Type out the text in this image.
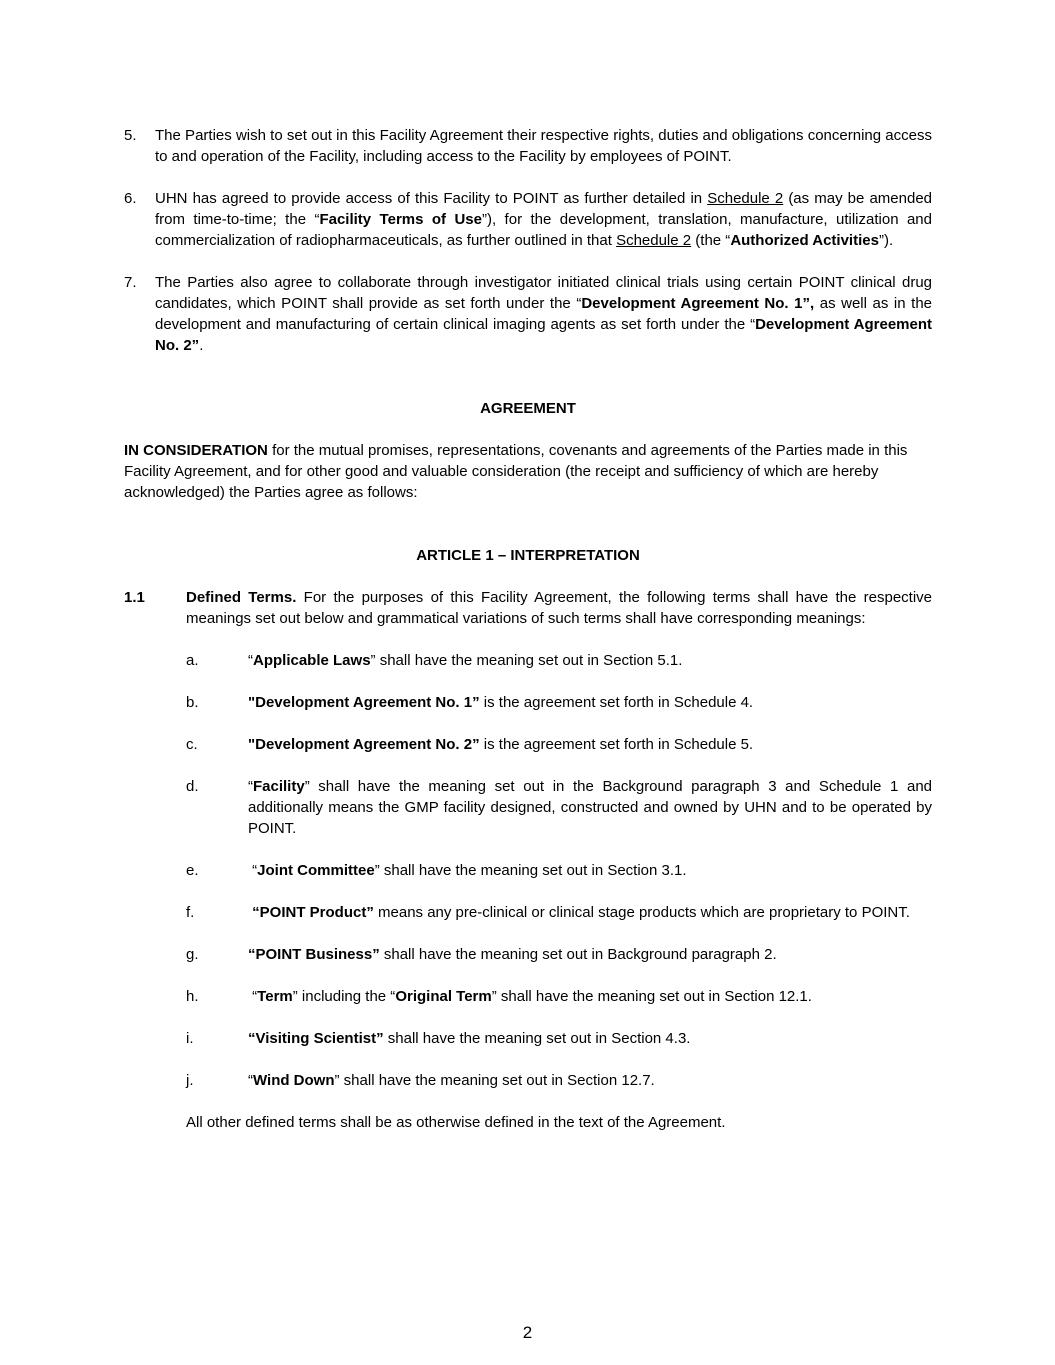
5. The Parties wish to set out in this Facility Agreement their respective rights, duties and obligations concerning access to and operation of the Facility, including access to the Facility by employees of POINT.
6. UHN has agreed to provide access of this Facility to POINT as further detailed in Schedule 2 (as may be amended from time-to-time; the “Facility Terms of Use”), for the development, translation, manufacture, utilization and commercialization of radiopharmaceuticals, as further outlined in that Schedule 2 (the “Authorized Activities”).
7. The Parties also agree to collaborate through investigator initiated clinical trials using certain POINT clinical drug candidates, which POINT shall provide as set forth under the “Development Agreement No. 1”, as well as in the development and manufacturing of certain clinical imaging agents as set forth under the “Development Agreement No. 2”.
AGREEMENT
IN CONSIDERATION for the mutual promises, representations, covenants and agreements of the Parties made in this Facility Agreement, and for other good and valuable consideration (the receipt and sufficiency of which are hereby acknowledged) the Parties agree as follows:
ARTICLE 1 – INTERPRETATION
1.1	Defined Terms. For the purposes of this Facility Agreement, the following terms shall have the respective meanings set out below and grammatical variations of such terms shall have corresponding meanings:
a.	“Applicable Laws” shall have the meaning set out in Section 5.1.
b.	"Development Agreement No. 1” is the agreement set forth in Schedule 4.
c.	"Development Agreement No. 2” is the agreement set forth in Schedule 5.
d.	“Facility” shall have the meaning set out in the Background paragraph 3 and Schedule 1 and additionally means the GMP facility designed, constructed and owned by UHN and to be operated by POINT.
e.	“Joint Committee” shall have the meaning set out in Section 3.1.
f.	“POINT Product” means any pre-clinical or clinical stage products which are proprietary to POINT.
g.	“POINT Business” shall have the meaning set out in Background paragraph 2.
h.	“Term” including the “Original Term” shall have the meaning set out in Section 12.1.
i.	“Visiting Scientist” shall have the meaning set out in Section 4.3.
j.	“Wind Down” shall have the meaning set out in Section 12.7.
All other defined terms shall be as otherwise defined in the text of the Agreement.
2
